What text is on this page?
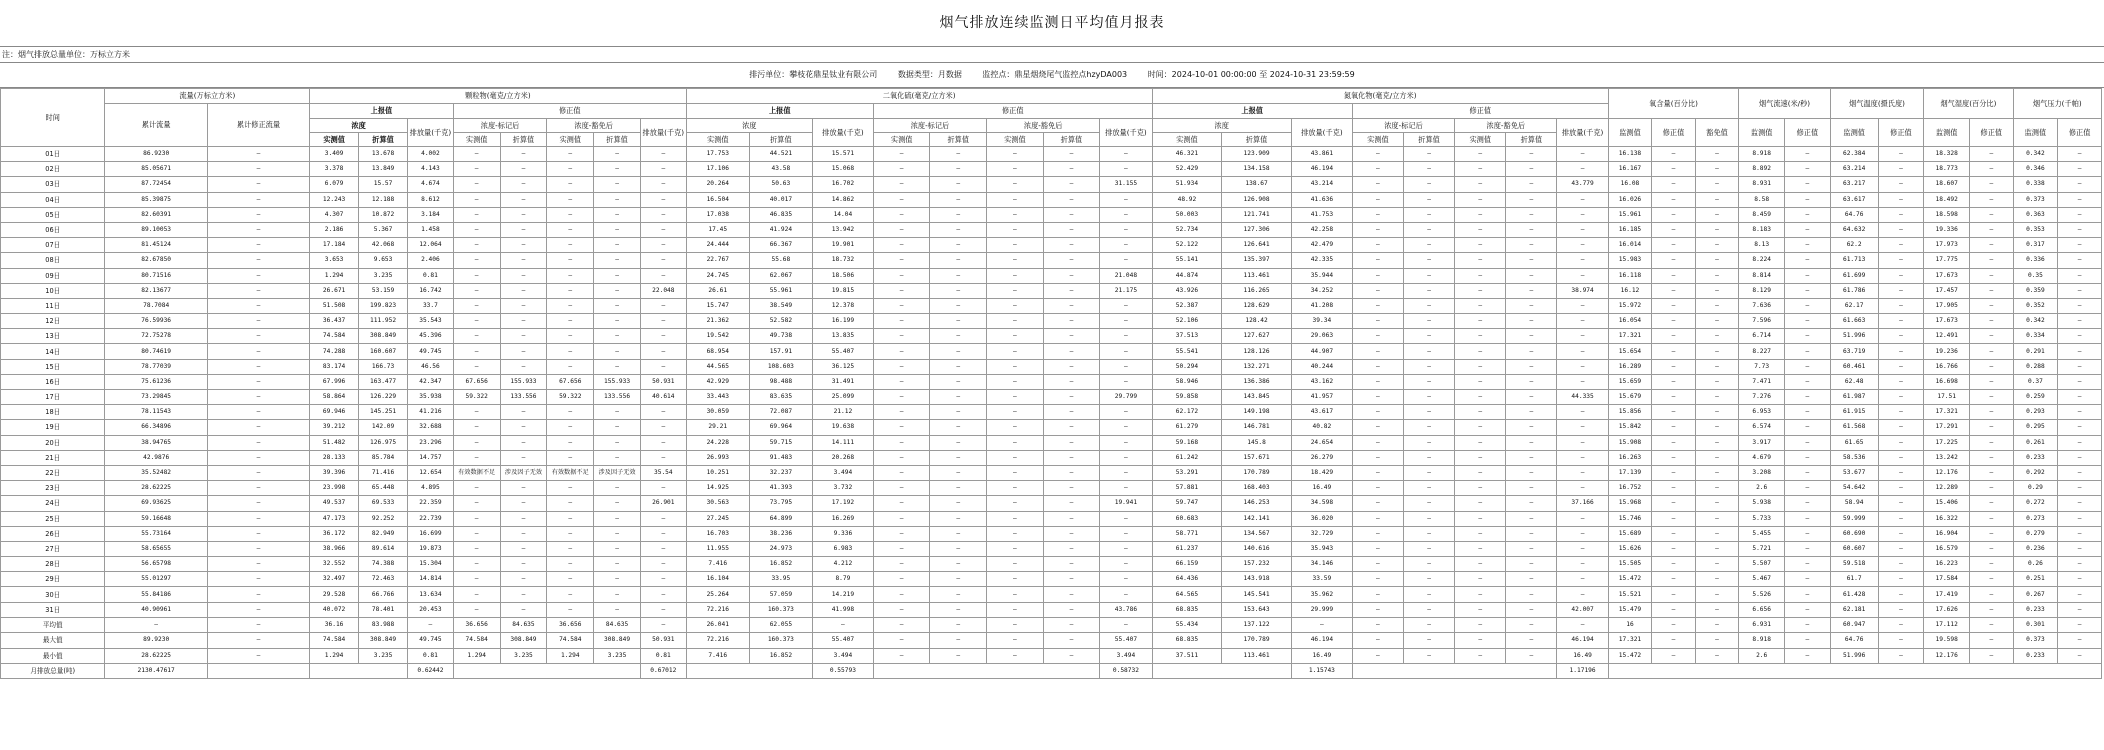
烟气排放连续监测日平均值月报表
注：烟气排放总量单位：万标立方米
排污单位：攀枝花鼎星钛业有限公司	数据类型：月数据	监控点：鼎星烟烧尾气监控点hzyDA003	时间：2024-10-01 00:00:00 至 2024-10-31 23:59:59
时间	流量(万标立方米)		颗粒物(毫克/立方米)								二氧化硫(毫克/立方米)								氮氧化物(毫克/立方米)								氧含量(百分比)			烟气流速(米/秒)		烟气温度(摄氏度)		烟气湿度(百分比)		烟气压力(千帕)	
	累计流量	累计修正流量	上报值			修正值					上报值			修正值					上报值			修正值															
			浓度		排放量(千克)	浓度-标记后		浓度-豁免后		排放量(千克)	浓度		排放量(千克)	浓度-标记后		浓度-豁免后		排放量(千克)	浓度		排放量(千克)	浓度-标记后		浓度-豁免后		排放量(千克)	监测值	修正值	豁免值	监测值	修正值	监测值	修正值	监测值	修正值	监测值	修正值
			实测值	折算值		实测值	折算值	实测值	折算值		实测值	折算值		实测值	折算值	实测值	折算值		实测值	折算值		实测值	折算值	实测值	折算值												
01日	86.9230	—	3.409	13.678	4.002	—	—	—	—	—	17.753	44.521	15.571	—	—	—	—	—	46.321	123.909	43.861	—	—	—	—	—	16.138	—	—	8.918	—	62.384	—	18.328	—	0.342	—
02日	85.05671	—	3.378	13.849	4.143	—	—	—	—	—	17.106	43.58	15.068	—	—	—	—	—	52.429	134.158	46.194	—	—	—	—	—	16.167	—	—	8.892	—	63.214	—	18.773	—	0.346	—
03日	87.72454	—	6.079	15.57	4.674	—	—	—	—	—	20.264	50.63	16.702	—	—	—	—	31.155	51.934	138.67	43.214	—	—	—	—	43.779	16.08	—	—	8.931	—	63.217	—	18.607	—	0.338	—
04日	85.39875	—	12.243	12.188	8.612	—	—	—	—	—	16.504	40.017	14.862	—	—	—	—	—	48.92	126.908	41.636	—	—	—	—	—	16.026	—	—	8.58	—	63.617	—	18.492	—	0.373	—
05日	82.60391	—	4.307	10.872	3.184	—	—	—	—	—	17.038	46.835	14.04	—	—	—	—	—	50.003	121.741	41.753	—	—	—	—	—	15.961	—	—	8.459	—	64.76	—	18.598	—	0.363	—
06日	89.10053	—	2.186	5.367	1.458	—	—	—	—	—	17.45	41.924	13.942	—	—	—	—	—	52.734	127.306	42.258	—	—	—	—	—	16.185	—	—	8.183	—	64.632	—	19.336	—	0.353	—
07日	81.45124	—	17.184	42.068	12.064	—	—	—	—	—	24.444	66.367	19.901	—	—	—	—	—	52.122	126.641	42.479	—	—	—	—	—	16.014	—	—	8.13	—	62.2	—	17.973	—	0.317	—
08日	82.67850	—	3.653	9.653	2.406	—	—	—	—	—	22.767	55.68	18.732	—	—	—	—	—	55.141	135.397	42.335	—	—	—	—	—	15.983	—	—	8.224	—	61.713	—	17.775	—	0.336	—
09日	80.71516	—	1.294	3.235	0.81	—	—	—	—	—	24.745	62.067	18.506	—	—	—	—	21.048	44.874	113.461	35.944	—	—	—	—	—	16.118	—	—	8.814	—	61.699	—	17.673	—	0.35	—
10日	82.13677	—	26.671	53.159	16.742	—	—	—	—	22.048	26.61	55.961	19.815	—	—	—	—	21.175	43.926	116.265	34.252	—	—	—	—	38.974	16.12	—	—	8.129	—	61.786	—	17.457	—	0.359	—
11日	78.7084	—	51.508	199.823	33.7	—	—	—	—	—	15.747	38.549	12.378	—	—	—	—	—	52.387	128.629	41.208	—	—	—	—	—	15.972	—	—	7.636	—	62.17	—	17.905	—	0.352	—
12日	76.59936	—	36.437	111.952	35.543	—	—	—	—	—	21.362	52.582	16.199	—	—	—	—	—	52.106	128.42	39.34	—	—	—	—	—	16.054	—	—	7.596	—	61.663	—	17.673	—	0.342	—
13日	72.75278	—	74.584	308.849	45.396	—	—	—	—	—	19.542	49.738	13.835	—	—	—	—	—	37.513	127.627	29.063	—	—	—	—	—	17.321	—	—	6.714	—	51.996	—	12.491	—	0.334	—
14日	80.74619	—	74.288	160.607	49.745	—	—	—	—	—	68.954	157.91	55.407	—	—	—	—	—	55.541	128.126	44.907	—	—	—	—	—	15.654	—	—	8.227	—	63.719	—	19.236	—	0.291	—
15日	78.77039	—	83.174	166.73	46.56	—	—	—	—	—	44.565	108.603	36.125	—	—	—	—	—	50.294	132.271	40.244	—	—	—	—	—	16.289	—	—	7.73	—	60.461	—	16.766	—	0.288	—
16日	75.61236	—	67.996	163.477	42.347	67.656	155.933	67.656	155.933	50.931	42.929	98.488	31.491	—	—	—	—	—	58.946	136.386	43.162	—	—	—	—	—	15.659	—	—	7.471	—	62.48	—	16.698	—	0.37	—
17日	73.29845	—	58.864	126.229	35.938	59.322	133.556	59.322	133.556	40.614	33.443	83.635	25.099	—	—	—	—	29.799	59.858	143.845	41.957	—	—	—	—	44.335	15.679	—	—	7.276	—	61.987	—	17.51	—	0.259	—
18日	78.11543	—	69.946	145.251	41.216	—	—	—	—	—	30.059	72.087	21.12	—	—	—	—	—	62.172	149.198	43.617	—	—	—	—	—	15.856	—	—	6.953	—	61.915	—	17.321	—	0.293	—
19日	66.34896	—	39.212	142.09	32.688	—	—	—	—	—	29.21	69.964	19.638	—	—	—	—	—	61.279	146.781	40.82	—	—	—	—	—	15.842	—	—	6.574	—	61.568	—	17.291	—	0.295	—
20日	38.94765	—	51.482	126.975	23.296	—	—	—	—	—	24.228	59.715	14.111	—	—	—	—	—	59.168	145.8	24.654	—	—	—	—	—	15.908	—	—	3.917	—	61.65	—	17.225	—	0.261	—
21日	42.9876	—	28.133	85.784	14.757	—	—	—	—	—	26.993	91.483	20.268	—	—	—	—	—	61.242	157.671	26.279	—	—	—	—	—	16.263	—	—	4.679	—	58.536	—	13.242	—	0.233	—
22日	35.52482	—	39.396	71.416	12.654	有效数据不足	涉及因子无效	有效数据不足	涉及因子无效	35.54	10.251	32.237	3.494	—	—	—	—	—	53.291	170.789	18.429	—	—	—	—	—	17.139	—	—	3.208	—	53.677	—	12.176	—	0.292	—
23日	28.62225	—	23.998	65.448	4.895	—	—	—	—	—	14.925	41.393	3.732	—	—	—	—	—	57.881	168.403	16.49	—	—	—	—	—	16.752	—	—	2.6	—	54.642	—	12.289	—	0.29	—
24日	69.93625	—	49.537	69.533	22.359	—	—	—	—	26.901	30.563	73.795	17.192	—	—	—	—	19.941	59.747	146.253	34.598	—	—	—	—	37.166	15.968	—	—	5.938	—	58.94	—	15.406	—	0.272	—
25日	59.16648	—	47.173	92.252	22.739	—	—	—	—	—	27.245	64.899	16.269	—	—	—	—	—	60.683	142.141	36.020	—	—	—	—	—	15.746	—	—	5.733	—	59.999	—	16.322	—	0.273	—
26日	55.73164	—	36.172	82.949	16.699	—	—	—	—	—	16.703	38.236	9.336	—	—	—	—	—	58.771	134.567	32.729	—	—	—	—	—	15.689	—	—	5.455	—	60.690	—	16.904	—	0.279	—
27日	58.65655	—	38.966	89.614	19.873	—	—	—	—	—	11.955	24.973	6.983	—	—	—	—	—	61.237	140.616	35.943	—	—	—	—	—	15.626	—	—	5.721	—	60.607	—	16.579	—	0.236	—
28日	56.65798	—	32.552	74.388	15.304	—	—	—	—	—	7.416	16.852	4.212	—	—	—	—	—	66.159	157.232	34.146	—	—	—	—	—	15.505	—	—	5.507	—	59.518	—	16.223	—	0.26	—
29日	55.01297	—	32.497	72.463	14.814	—	—	—	—	—	16.104	33.95	8.79	—	—	—	—	—	64.436	143.918	33.59	—	—	—	—	—	15.472	—	—	5.467	—	61.7	—	17.584	—	0.251	—
30日	55.84186	—	29.528	66.766	13.634	—	—	—	—	—	25.264	57.059	14.219	—	—	—	—	—	64.565	145.541	35.962	—	—	—	—	—	15.521	—	—	5.526	—	61.428	—	17.419	—	0.267	—
31日	40.90961	—	40.072	78.401	20.453	—	—	—	—	—	72.216	160.373	41.998	—	—	—	—	43.786	68.835	153.643	29.999	—	—	—	—	42.007	15.479	—	—	6.656	—	62.181	—	17.626	—	0.233	—
平均值	—	—	36.16	83.988	—	36.656	84.635	36.656	84.635	—	26.041	62.055	—	—	—	—	—	—	55.434	137.122	—	—	—	—	—	—	16	—	—	6.931	—	60.947	—	17.112	—	0.301	—
最大值	89.9230	—	74.584	308.849	49.745	74.584	308.849	74.584	308.849	50.931	72.216	160.373	55.407	—	—	—	—	55.407	68.835	170.789	46.194	—	—	—	—	46.194	17.321	—	—	8.918	—	64.76	—	19.598	—	0.373	—
最小值	28.62225	—	1.294	3.235	0.81	1.294	3.235	1.294	3.235	0.81	7.416	16.852	3.494	—	—	—	—	3.494	37.511	113.461	16.49	—	—	—	—	16.49	15.472	—	—	2.6	—	51.996	—	12.176	—	0.233	—
月排放总量(吨)	2130.47617				0.62442					0.67012			0.55793					0.58732			1.15743					1.17196											
